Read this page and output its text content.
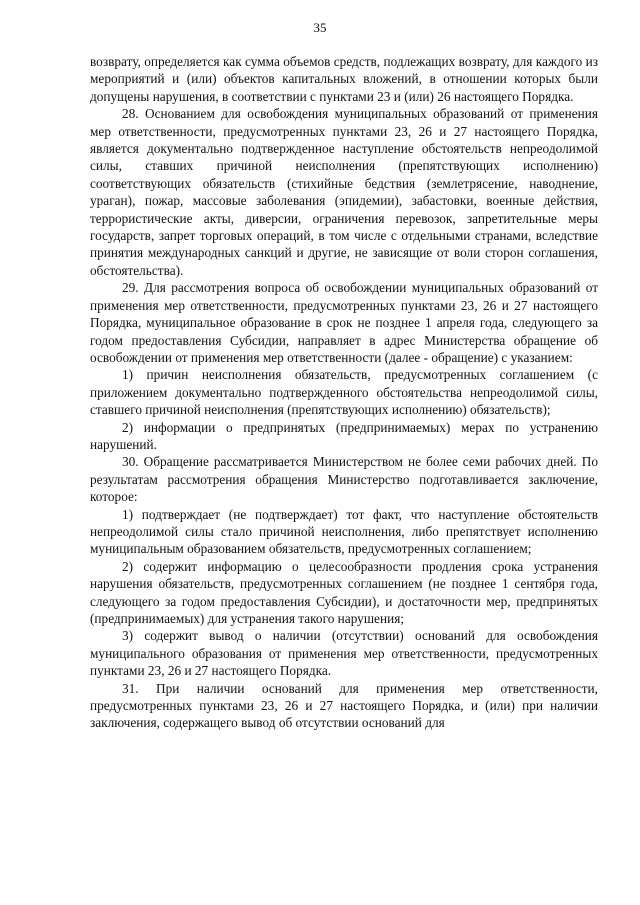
35

возврату, определяется как сумма объемов средств, подлежащих возврату, для каждого из мероприятий и (или) объектов капитальных вложений, в отношении которых были допущены нарушения, в соответствии с пунктами 23 и (или) 26 настоящего Порядка.

28. Основанием для освобождения муниципальных образований от применения мер ответственности, предусмотренных пунктами 23, 26 и 27 настоящего Порядка, является документально подтвержденное наступление обстоятельств непреодолимой силы, ставших причиной неисполнения (препятствующих исполнению) соответствующих обязательств (стихийные бедствия (землетрясение, наводнение, ураган), пожар, массовые заболевания (эпидемии), забастовки, военные действия, террористические акты, диверсии, ограничения перевозок, запретительные меры государств, запрет торговых операций, в том числе с отдельными странами, вследствие принятия международных санкций и другие, не зависящие от воли сторон соглашения, обстоятельства).

29. Для рассмотрения вопроса об освобождении муниципальных образований от применения мер ответственности, предусмотренных пунктами 23, 26 и 27 настоящего Порядка, муниципальное образование в срок не позднее 1 апреля года, следующего за годом предоставления Субсидии, направляет в адрес Министерства обращение об освобождении от применения мер ответственности (далее - обращение) с указанием:

1) причин неисполнения обязательств, предусмотренных соглашением (с приложением документально подтвержденного обстоятельства непреодолимой силы, ставшего причиной неисполнения (препятствующих исполнению) обязательств);

2) информации о предпринятых (предпринимаемых) мерах по устранению нарушений.

30. Обращение рассматривается Министерством не более семи рабочих дней. По результатам рассмотрения обращения Министерство подготавливается заключение, которое:

1) подтверждает (не подтверждает) тот факт, что наступление обстоятельств непреодолимой силы стало причиной неисполнения, либо препятствует исполнению муниципальным образованием обязательств, предусмотренных соглашением;

2) содержит информацию о целесообразности продления срока устранения нарушения обязательств, предусмотренных соглашением (не позднее 1 сентября года, следующего за годом предоставления Субсидии), и достаточности мер, предпринятых (предпринимаемых) для устранения такого нарушения;

3) содержит вывод о наличии (отсутствии) оснований для освобождения муниципального образования от применения мер ответственности, предусмотренных пунктами 23, 26 и 27 настоящего Порядка.

31. При наличии оснований для применения мер ответственности, предусмотренных пунктами 23, 26 и 27 настоящего Порядка, и (или) при наличии заключения, содержащего вывод об отсутствии оснований для
